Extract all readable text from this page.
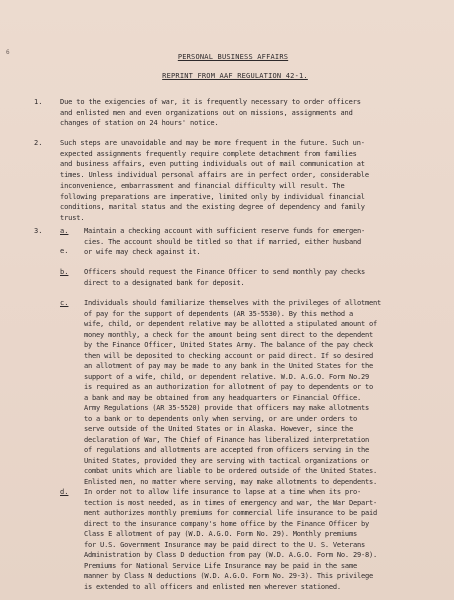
6
PERSONAL BUSINESS AFFAIRS
REPRINT FROM AAF REGULATION 42-1.
1.	Due to the exigencies of war, it is frequently necessary to order officers
and enlisted men and even organizations out on missions, assignments and
changes of station on 24 hours' notice.
2.	Such steps are unavoidable and may be more frequent in the future. Such un-
expected assignments frequently require complete detachment from families
and business affairs, even putting individuals out of mail communication at
times. Unless individual personal affairs are in perfect order, considerable
inconvenience, embarrassment and financial difficulty will result. The
following preparations are imperative, limited only by individual financial
conditions, marital status and the existing degree of dependency and family
trust.
3.	a. Maintain a checking account with sufficient reserve funds for emergen-
cies. The account should be titled so that if married, either husband
or wife may check against it.
e.
b. Officers should request the Finance Officer to send monthly pay checks
direct to a designated bank for deposit.
c. Individuals should familiarize themselves with the privileges of allotment
of pay for the support of dependents (AR 35-5530). By this method a
wife, child, or dependent relative may be allotted a stipulated amount of
money monthly, a check for the amount being sent direct to the dependent
by the Finance Officer, United States Army. The balance of the pay check
then will be deposited to checking account or paid direct. If so desired
an allotment of pay may be made to any bank in the United States for the
support of a wife, child, or dependent relative. W.D. A.G.O. Form No.29
is required as an authorization for allotment of pay to dependents or to
a bank and may be obtained from any headquarters or Financial Office.
Army Regulations (AR 35-5520) provide that officers may make allotments
to a bank or to dependents only when serving, or are under orders to
serve outside of the United States or in Alaska. However, since the
declaration of War, The Chief of Finance has liberalized interpretation
of regulations and allotments are accepted from officers serving in the
United States, provided they are serving with tactical organizations or
combat units which are liable to be ordered outside of the United States.
Enlisted men, no matter where serving, may make allotments to dependents.
d. In order not to allow life insurance to lapse at a time when its pro-
tection is most needed, as in times of emergency and war, the War Depart-
ment authorizes monthly premiums for commercial life insurance to be paid
direct to the insurance company's home office by the Finance Officer by
Class E allotment of pay (W.D. A.G.O. Form No. 29). Monthly premiums
for U.S. Government Insurance may be paid direct to the U. S. Veterans
Administration by Class D deduction from pay (W.D. A.G.O. Form No. 29-8).
Premiums for National Service Life Insurance may be paid in the same
manner by Class N deductions (W.D. A.G.O. Form No. 29-3). This privilege
is extended to all officers and enlisted men wherever stationed.
